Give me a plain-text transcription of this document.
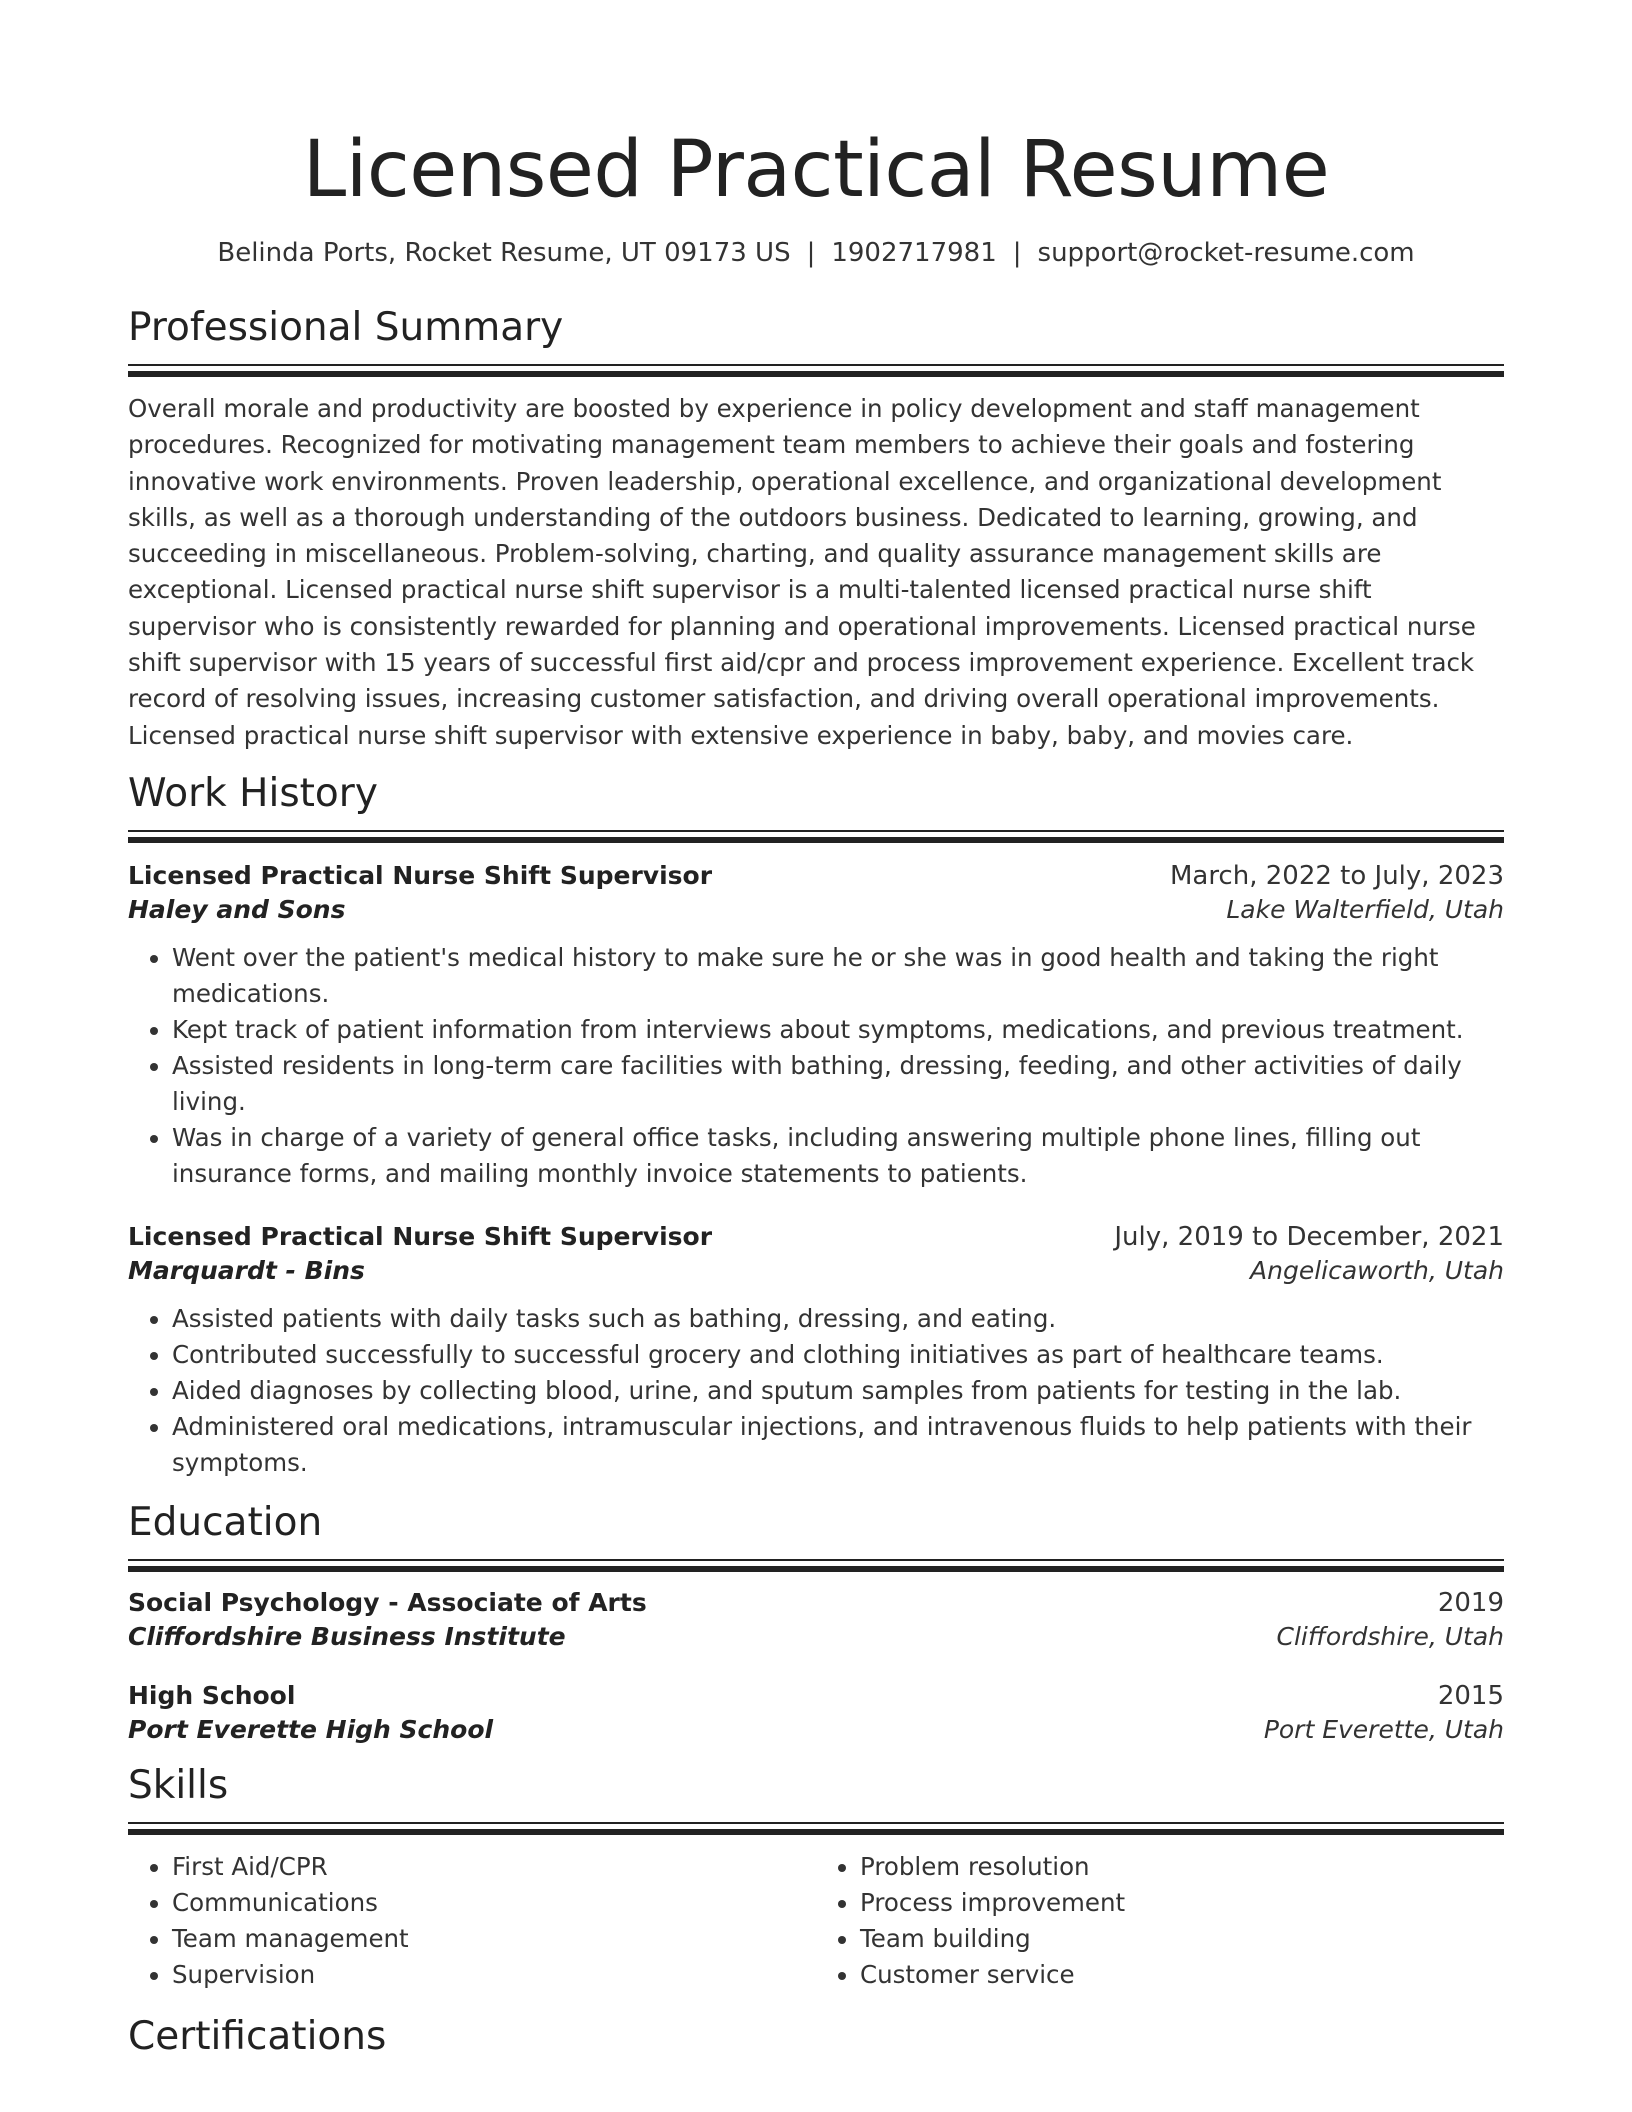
Licensed Practical Resume
Belinda Ports, Rocket Resume, UT 09173 US | 1902717981 | support@rocket-resume.com
Professional Summary
Overall morale and productivity are boosted by experience in policy development and staff management procedures. Recognized for motivating management team members to achieve their goals and fostering innovative work environments. Proven leadership, operational excellence, and organizational development skills, as well as a thorough understanding of the outdoors business. Dedicated to learning, growing, and succeeding in miscellaneous. Problem-solving, charting, and quality assurance management skills are exceptional. Licensed practical nurse shift supervisor is a multi-talented licensed practical nurse shift supervisor who is consistently rewarded for planning and operational improvements. Licensed practical nurse shift supervisor with 15 years of successful first aid/cpr and process improvement experience. Excellent track record of resolving issues, increasing customer satisfaction, and driving overall operational improvements. Licensed practical nurse shift supervisor with extensive experience in baby, baby, and movies care.
Work History
Licensed Practical Nurse Shift Supervisor	March, 2022 to July, 2023
Haley and Sons	Lake Walterfield, Utah
• Went over the patient's medical history to make sure he or she was in good health and taking the right medications.
• Kept track of patient information from interviews about symptoms, medications, and previous treatment.
• Assisted residents in long-term care facilities with bathing, dressing, feeding, and other activities of daily living.
• Was in charge of a variety of general office tasks, including answering multiple phone lines, filling out insurance forms, and mailing monthly invoice statements to patients.
Licensed Practical Nurse Shift Supervisor	July, 2019 to December, 2021
Marquardt - Bins	Angelicaworth, Utah
• Assisted patients with daily tasks such as bathing, dressing, and eating.
• Contributed successfully to successful grocery and clothing initiatives as part of healthcare teams.
• Aided diagnoses by collecting blood, urine, and sputum samples from patients for testing in the lab.
• Administered oral medications, intramuscular injections, and intravenous fluids to help patients with their symptoms.
Education
Social Psychology - Associate of Arts	2019
Cliffordshire Business Institute	Cliffordshire, Utah
High School	2015
Port Everette High School	Port Everette, Utah
Skills
• First Aid/CPR
• Communications
• Team management
• Supervision
• Problem resolution
• Process improvement
• Team building
• Customer service
Certifications
